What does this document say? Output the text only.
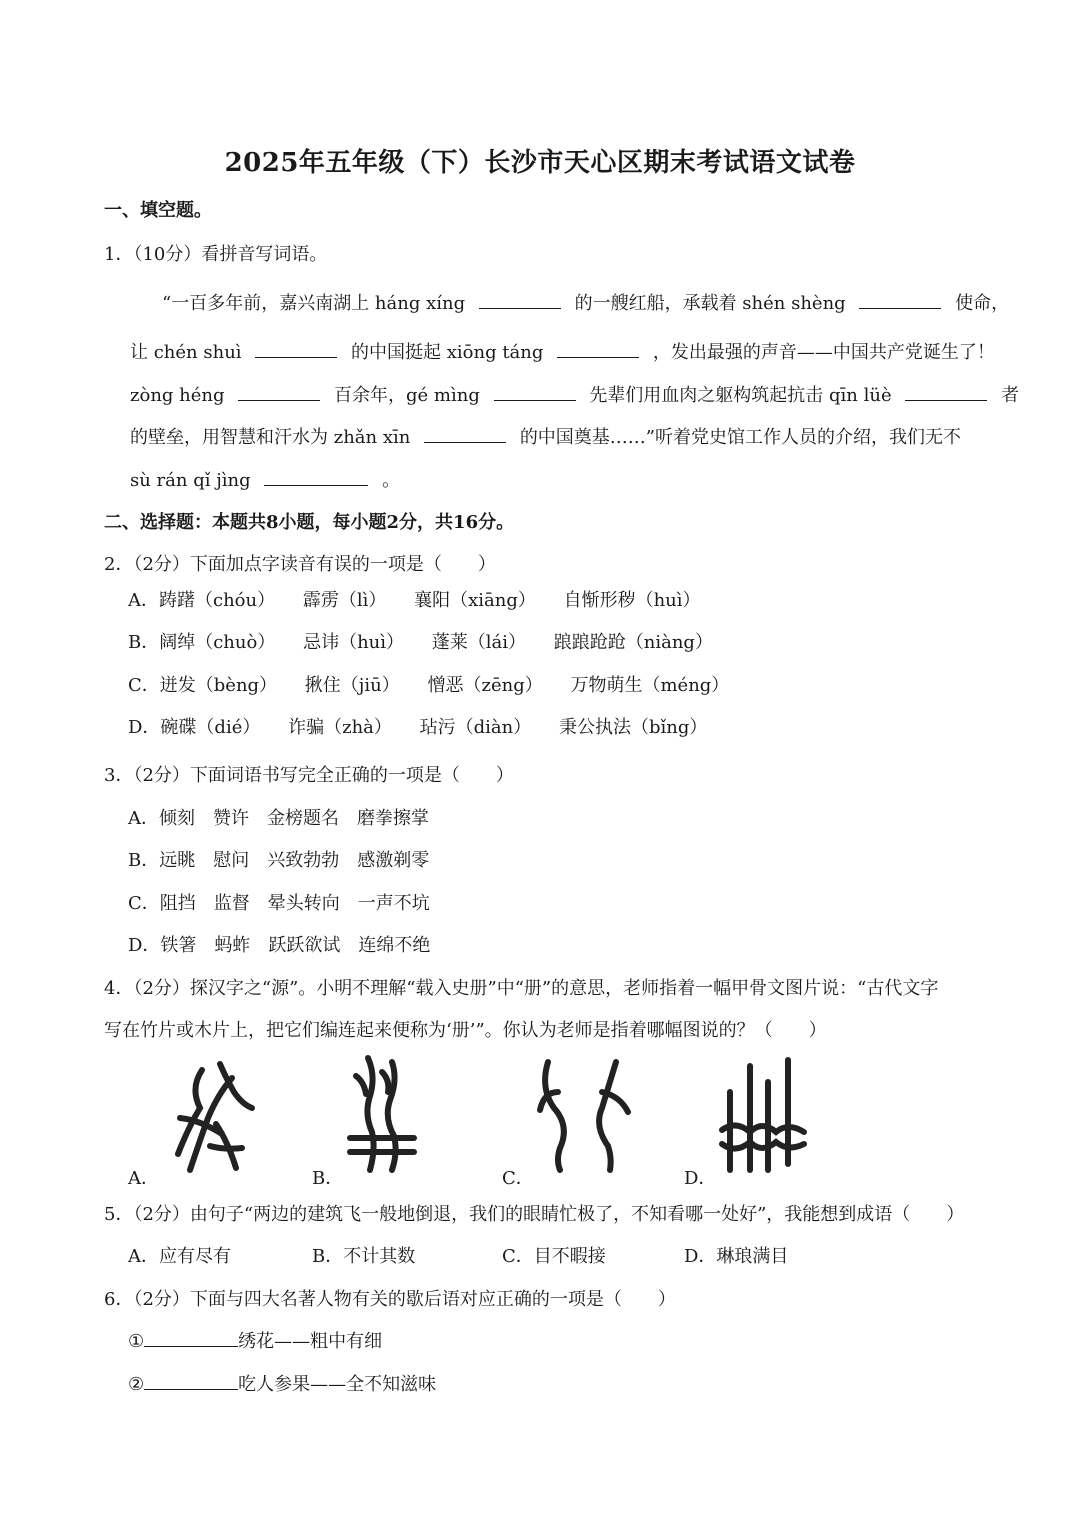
2025年五年级（下）长沙市天心区期末考试语文试卷
一、填空题。
1．（10分）看拼音写词语。
“一百多年前，嘉兴南湖上 háng xíng	的一艘红船，承载着 shén shèng	使命，
让 chén shuì	的中国挺起 xiōng táng	，发出最强的声音——中国共产党诞生了！
zòng héng	百余年，gé mìng	先辈们用血肉之躯构筑起抗击 qīn lüè	者
的壁垒，用智慧和汗水为 zhǎn xīn	的中国奠基……”听着党史馆工作人员的介绍，我们无不
sù rán qǐ jìng	。
二、选择题：本题共8小题，每小题2分，共16分。
2．（2分）下面加点字读音有误的一项是（　　）
A．踌躇（chóu） 霹雳（lì） 襄阳（xiāng） 自惭形秽（huì）
B．阔绰（chuò） 忌讳（huì） 蓬莱（lái） 踉踉跄跄（niàng）
C．迸发（bèng） 揪住（jiū） 憎恶（zēng） 万物萌生（méng）
D．碗碟（dié） 诈骗（zhà） 玷污（diàn） 秉公执法（bǐng）
3．（2分）下面词语书写完全正确的一项是（　　）
A．倾刻　赞许　金榜题名　磨拳擦掌
B．远眺　慰问　兴致勃勃　感激剃零
C．阻挡　监督　晕头转向　一声不坑
D．铁箸　蚂蚱　跃跃欲试　连绵不绝
4．（2分）探汉字之“源”。小明不理解“载入史册”中“册”的意思，老师指着一幅甲骨文图片说：“古代文字
写在竹片或木片上，把它们编连起来便称为‘册’”。你认为老师是指着哪幅图说的？（　　）
A．	B．	C．	D．
5．（2分）由句子“两边的建筑飞一般地倒退，我们的眼睛忙极了，不知看哪一处好”，我能想到成语（　　）
A．应有尽有	B．不计其数	C．目不暇接	D．琳琅满目
6．（2分）下面与四大名著人物有关的歇后语对应正确的一项是（　　）
①	绣花——粗中有细
②	吃人参果——全不知滋味
